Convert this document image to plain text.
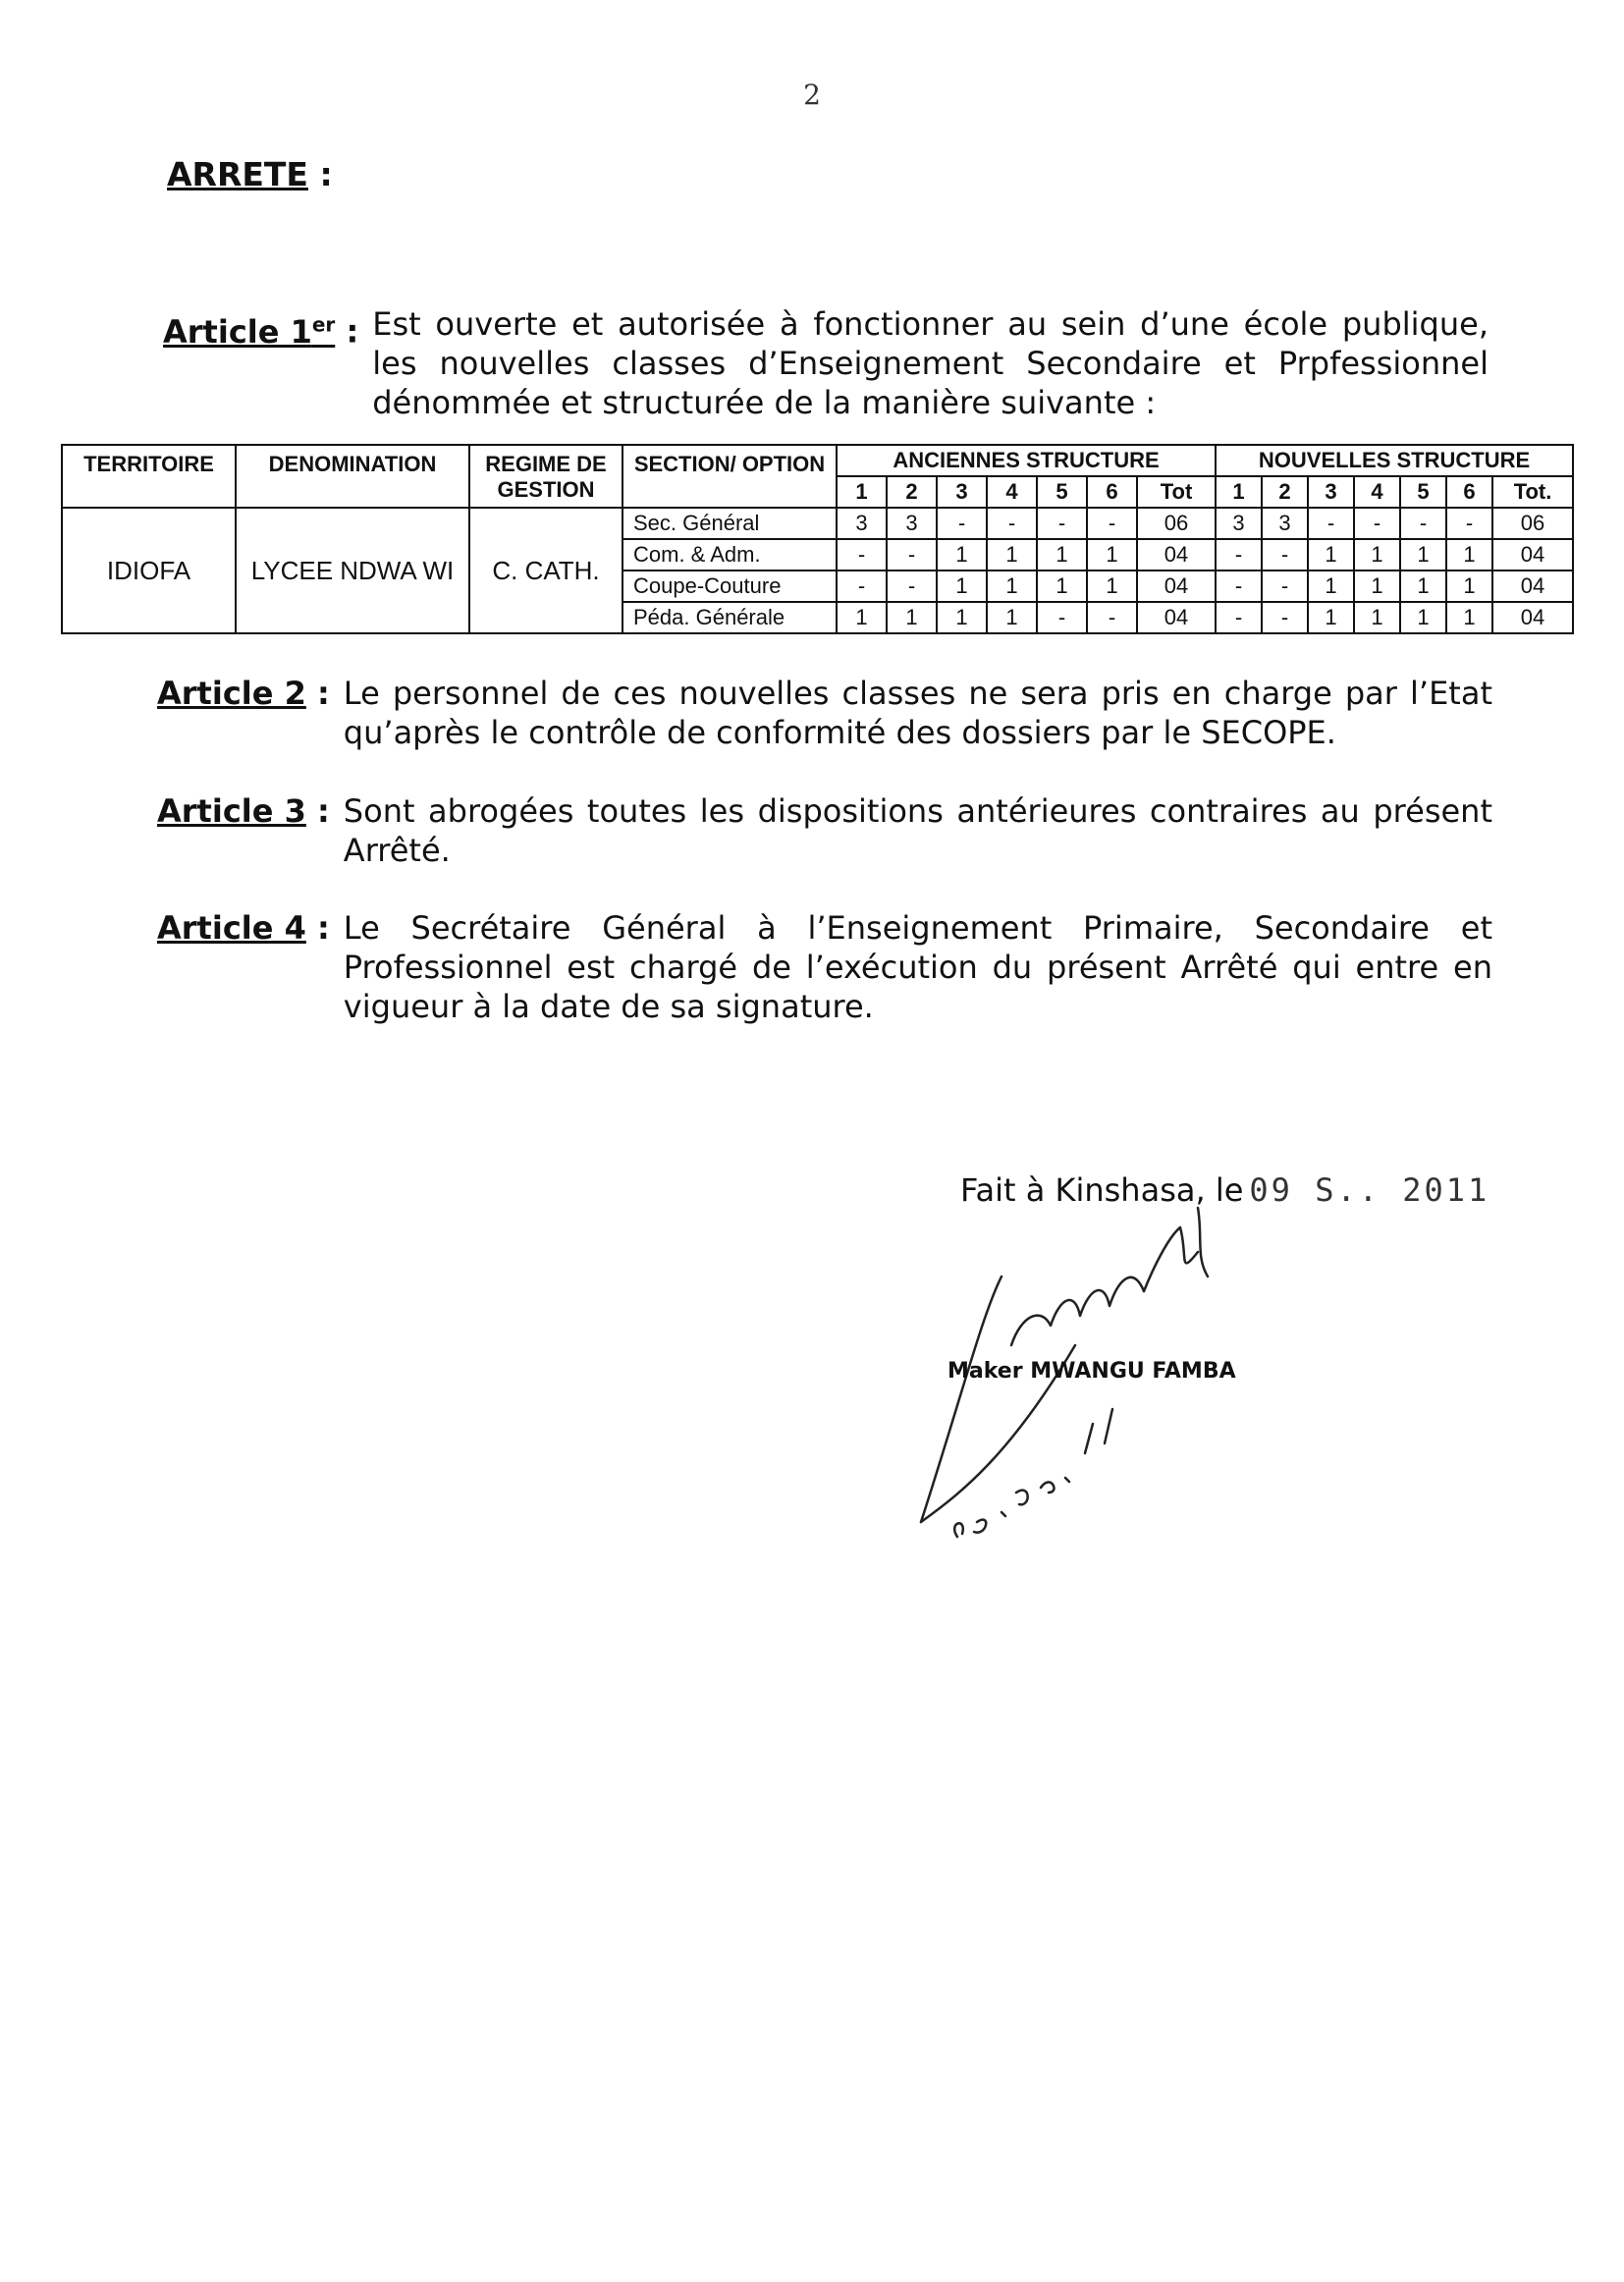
2
ARRETE :
Article 1er : Est ouverte et autorisée à fonctionner au sein d’une école publique, les nouvelles classes d’Enseignement Secondaire et Prpfessionnel dénommée et structurée de la manière suivante :
TERRITOIRE	DENOMINATION	REGIME DE GESTION	SECTION/ OPTION	ANCIENNES STRUCTURE							NOUVELLES STRUCTURE						
				1	2	3	4	5	6	Tot	1	2	3	4	5	6	Tot.
IDIOFA	LYCEE NDWA WI	C. CATH.	Sec. Général	3	3	-	-	-	-	06	3	3	-	-	-	-	06
			Com. & Adm.	-	-	1	1	1	1	04	-	-	1	1	1	1	04
			Coupe-Couture	-	-	1	1	1	1	04	-	-	1	1	1	1	04
			Péda. Générale	1	1	1	1	-	-	04	-	-	1	1	1	1	04
Article 2 : Le personnel de ces nouvelles classes ne sera pris en charge par l’Etat qu’après le contrôle de conformité des dossiers par le SECOPE.
Article 3 : Sont abrogées toutes les dispositions antérieures contraires au présent Arrêté.
Article 4 : Le Secrétaire Général à l’Enseignement Primaire, Secondaire et Professionnel est chargé de l’exécution du présent Arrêté qui entre en vigueur à la date de sa signature.
Fait à Kinshasa, le 09 S.. 2011
Maker MWANGU FAMBA
